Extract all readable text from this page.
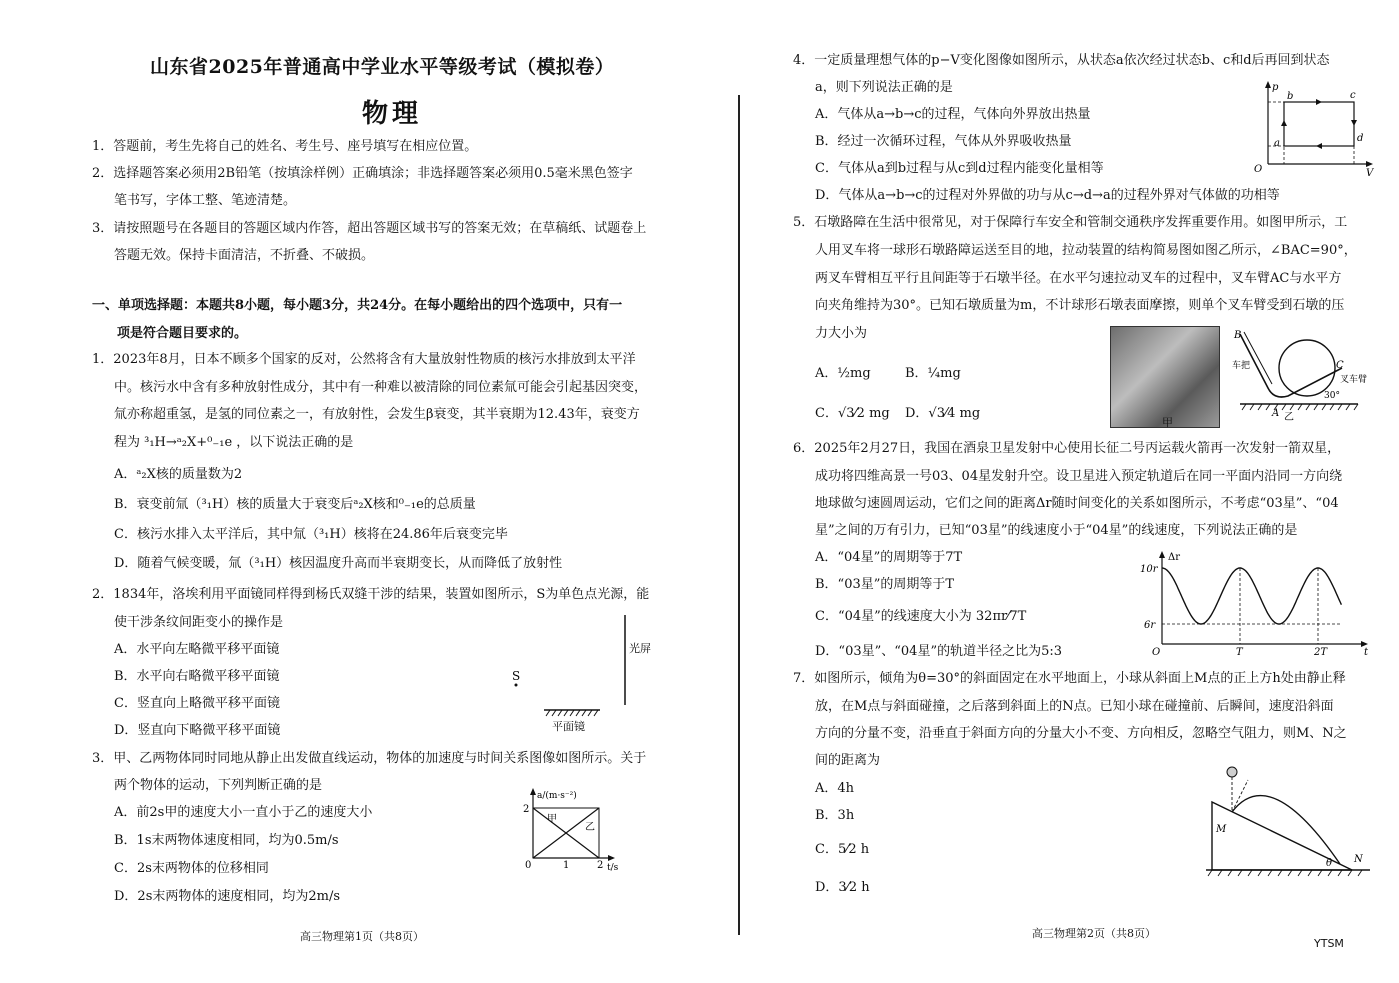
山东省2025年普通高中学业水平等级考试（模拟卷）
物理
1．答题前，考生先将自己的姓名、考生号、座号填写在相应位置。
2．选择题答案必须用2B铅笔（按填涂样例）正确填涂；非选择题答案必须用0.5毫米黑色签字
笔书写，字体工整、笔迹清楚。
3．请按照题号在各题目的答题区域内作答，超出答题区域书写的答案无效；在草稿纸、试题卷上
答题无效。保持卡面清洁，不折叠、不破损。
一、单项选择题：本题共8小题，每小题3分，共24分。在每小题给出的四个选项中，只有一
项是符合题目要求的。
1．2023年8月，日本不顾多个国家的反对，公然将含有大量放射性物质的核污水排放到太平洋
中。核污水中含有多种放射性成分，其中有一种难以被清除的同位素氚可能会引起基因突变，
氚亦称超重氢，是氢的同位素之一，有放射性，会发生β衰变，其半衰期为12.43年，衰变方
程为 ³₁H→ᵃ₂X+⁰₋₁e ，以下说法正确的是
A．ᵃ₂X核的质量数为2
B．衰变前氚（³₁H）核的质量大于衰变后ᵃ₂X核和⁰₋₁e的总质量
C．核污水排入太平洋后，其中氚（³₁H）核将在24.86年后衰变完毕
D．随着气候变暖，氚（³₁H）核因温度升高而半衰期变长，从而降低了放射性
2．1834年，洛埃利用平面镜同样得到杨氏双缝干涉的结果，装置如图所示，S为单色点光源，能
使干涉条纹间距变小的操作是
A．水平向左略微平移平面镜
B．水平向右略微平移平面镜
C．竖直向上略微平移平面镜
D．竖直向下略微平移平面镜
光屏
S
平面镜
3．甲、乙两物体同时同地从静止出发做直线运动，物体的加速度与时间关系图像如图所示。关于
两个物体的运动，下列判断正确的是
A．前2s甲的速度大小一直小于乙的速度大小
B．1s末两物体速度相同，均为0.5m/s
C．2s末两物体的位移相同
D．2s末两物体的速度相同，均为2m/s
a/(m·s⁻²)
t/s
2
0	1	2
甲
乙
高三物理第1页（共8页）
4．一定质量理想气体的p−V变化图像如图所示，从状态a依次经过状态b、c和d后再回到状态
a，则下列说法正确的是
A．气体从a→b→c的过程，气体向外界放出热量
B．经过一次循环过程，气体从外界吸收热量
C．气体从a到b过程与从c到d过程内能变化量相等
D．气体从a→b→c的过程对外界做的功与从c→d→a的过程外界对气体做的功相等
p
V
O
a
b	c
d
5．石墩路障在生活中很常见，对于保障行车安全和管制交通秩序发挥重要作用。如图甲所示，工
人用叉车将一球形石墩路障运送至目的地，拉动装置的结构简易图如图乙所示，∠BAC=90°，
两叉车臂相互平行且间距等于石墩半径。在水平匀速拉动叉车的过程中，叉车臂AC与水平方
向夹角维持为30°。已知石墩质量为m，不计球形石墩表面摩擦，则单个叉车臂受到石墩的压
力大小为
A．½mg	B．¼mg
C．√3⁄2 mg D．√3⁄4 mg
甲
B
A
C
车把
叉车臂
30°
乙
6．2025年2月27日，我国在酒泉卫星发射中心使用长征二号丙运载火箭再一次发射一箭双星，
成功将四维高景一号03、04星发射升空。设卫星进入预定轨道后在同一平面内沿同一方向绕
地球做匀速圆周运动，它们之间的距离Δr随时间变化的关系如图所示，不考虑“03星”、“04
星”之间的万有引力，已知“03星”的线速度小于“04星”的线速度，下列说法正确的是
A．“04星”的周期等于7T
B．“03星”的周期等于T
C．“04星”的线速度大小为 32πr⁄7T
D．“03星”、“04星”的轨道半径之比为5:3
Δr
10r
6r
O	T	2T	t
7．如图所示，倾角为θ=30°的斜面固定在水平地面上，小球从斜面上M点的正上方h处由静止释
放，在M点与斜面碰撞，之后落到斜面上的N点。已知小球在碰撞前、后瞬间，速度沿斜面
方向的分量不变，沿垂直于斜面方向的分量大小不变、方向相反，忽略空气阻力，则M、N之
间的距离为
A．4h
B．3h
C．5⁄2 h
D．3⁄2 h
M
N
θ
高三物理第2页（共8页）
YTSM
